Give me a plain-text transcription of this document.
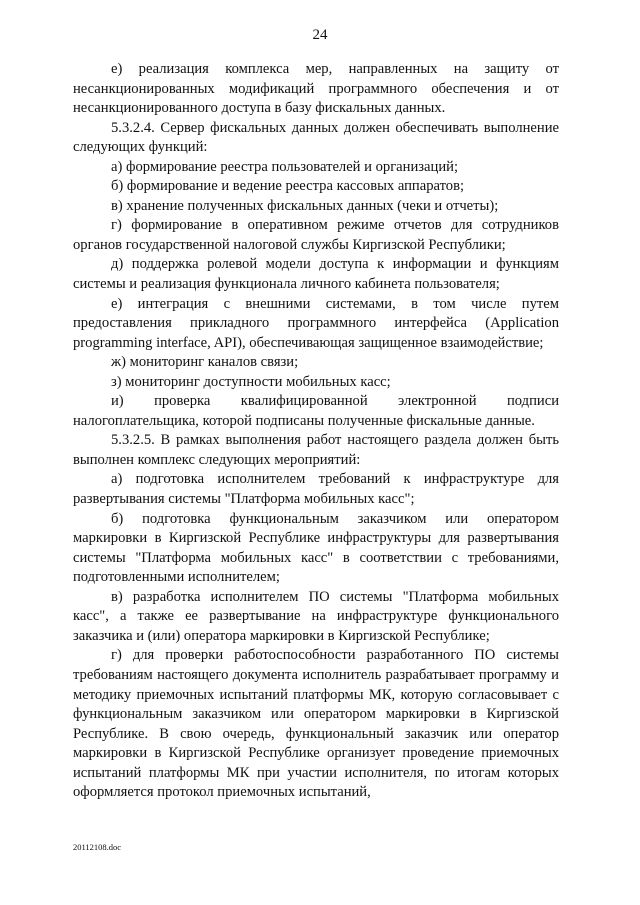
24

е) реализация комплекса мер, направленных на защиту от несанкционированных модификаций программного обеспечения и от несанкционированного доступа в базу фискальных данных.

5.3.2.4. Сервер фискальных данных должен обеспечивать выполнение следующих функций:

а) формирование реестра пользователей и организаций;

б) формирование и ведение реестра кассовых аппаратов;

в) хранение полученных фискальных данных (чеки и отчеты);

г) формирование в оперативном режиме отчетов для сотрудников органов государственной налоговой службы Киргизской Республики;

д) поддержка ролевой модели доступа к информации и функциям системы и реализация функционала личного кабинета пользователя;

е) интеграция с внешними системами, в том числе путем предоставления прикладного программного интерфейса (Application programming interface, API), обеспечивающая защищенное взаимодействие;

ж) мониторинг каналов связи;

з) мониторинг доступности мобильных касс;

и) проверка квалифицированной электронной подписи налогоплательщика, которой подписаны полученные фискальные данные.

5.3.2.5. В рамках выполнения работ настоящего раздела должен быть выполнен комплекс следующих мероприятий:

а) подготовка исполнителем требований к инфраструктуре для развертывания системы "Платформа мобильных касс";

б) подготовка функциональным заказчиком или оператором маркировки в Киргизской Республике инфраструктуры для развертывания системы "Платформа мобильных касс" в соответствии с требованиями, подготовленными исполнителем;

в) разработка исполнителем ПО системы "Платформа мобильных касс", а также ее развертывание на инфраструктуре функционального заказчика и (или) оператора маркировки в Киргизской Республике;

г) для проверки работоспособности разработанного ПО системы требованиям настоящего документа исполнитель разрабатывает программу и методику приемочных испытаний платформы МК, которую согласовывает с функциональным заказчиком или оператором маркировки в Киргизской Республике. В свою очередь, функциональный заказчик или оператор маркировки в Киргизской Республике организует проведение приемочных испытаний платформы МК при участии исполнителя, по итогам которых оформляется протокол приемочных испытаний,

20112108.doc
